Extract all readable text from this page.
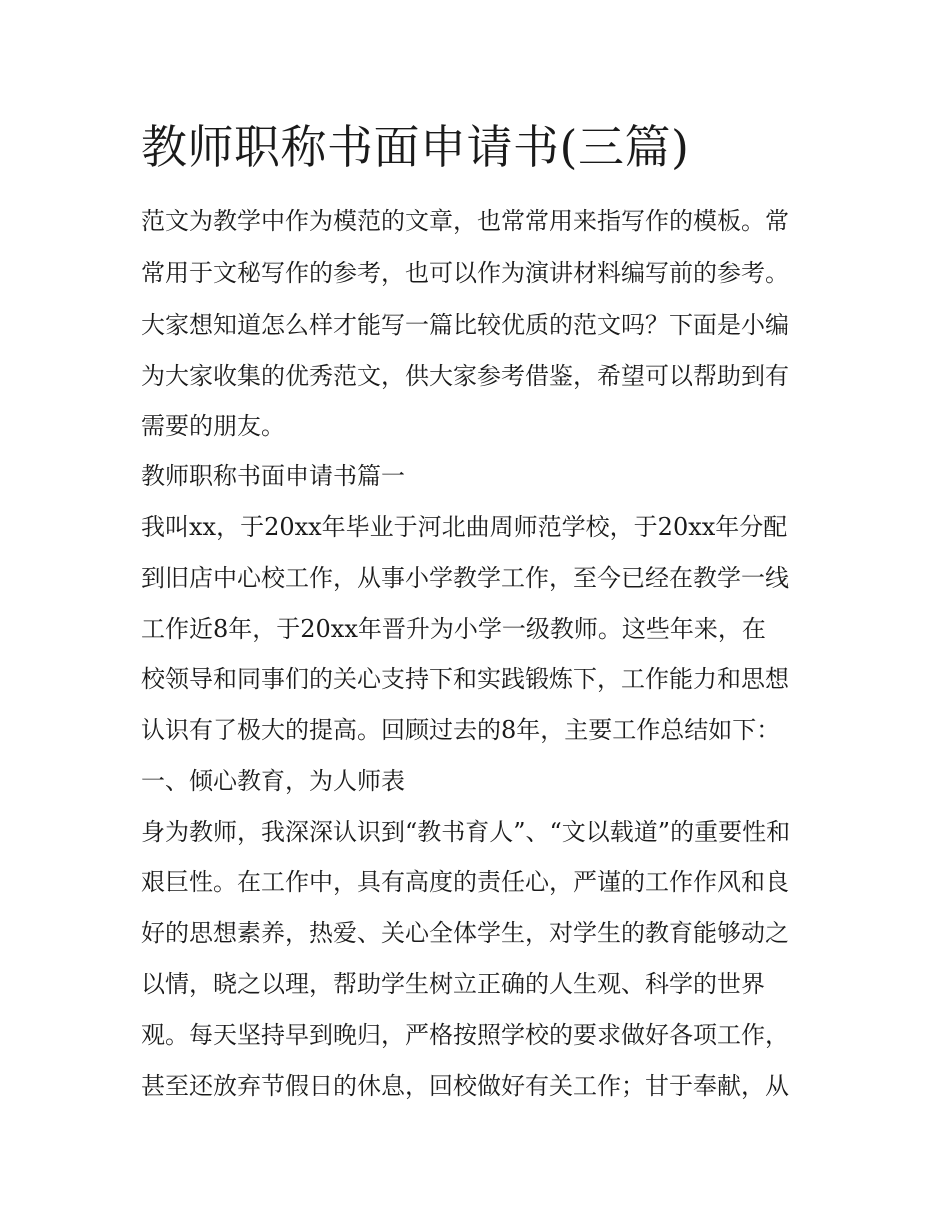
教师职称书面申请书(三篇)

范文为教学中作为模范的文章，也常常用来指写作的模板。常

常用于文秘写作的参考，也可以作为演讲材料编写前的参考。

大家想知道怎么样才能写一篇比较优质的范文吗？下面是小编

为大家收集的优秀范文，供大家参考借鉴，希望可以帮助到有

需要的朋友。

教师职称书面申请书篇一

我叫xx，于20xx年毕业于河北曲周师范学校，于20xx年分配

到旧店中心校工作，从事小学教学工作，至今已经在教学一线

工作近8年，于20xx年晋升为小学一级教师。这些年来，在

校领导和同事们的关心支持下和实践锻炼下，工作能力和思想

认识有了极大的提高。回顾过去的8年，主要工作总结如下：

一、倾心教育，为人师表

身为教师，我深深认识到“教书育人”、“文以载道”的重要性和

艰巨性。在工作中，具有高度的责任心，严谨的工作作风和良

好的思想素养，热爱、关心全体学生，对学生的教育能够动之

以情，晓之以理，帮助学生树立正确的人生观、科学的世界

观。每天坚持早到晚归，严格按照学校的要求做好各项工作，

甚至还放弃节假日的休息，回校做好有关工作；甘于奉献，从
